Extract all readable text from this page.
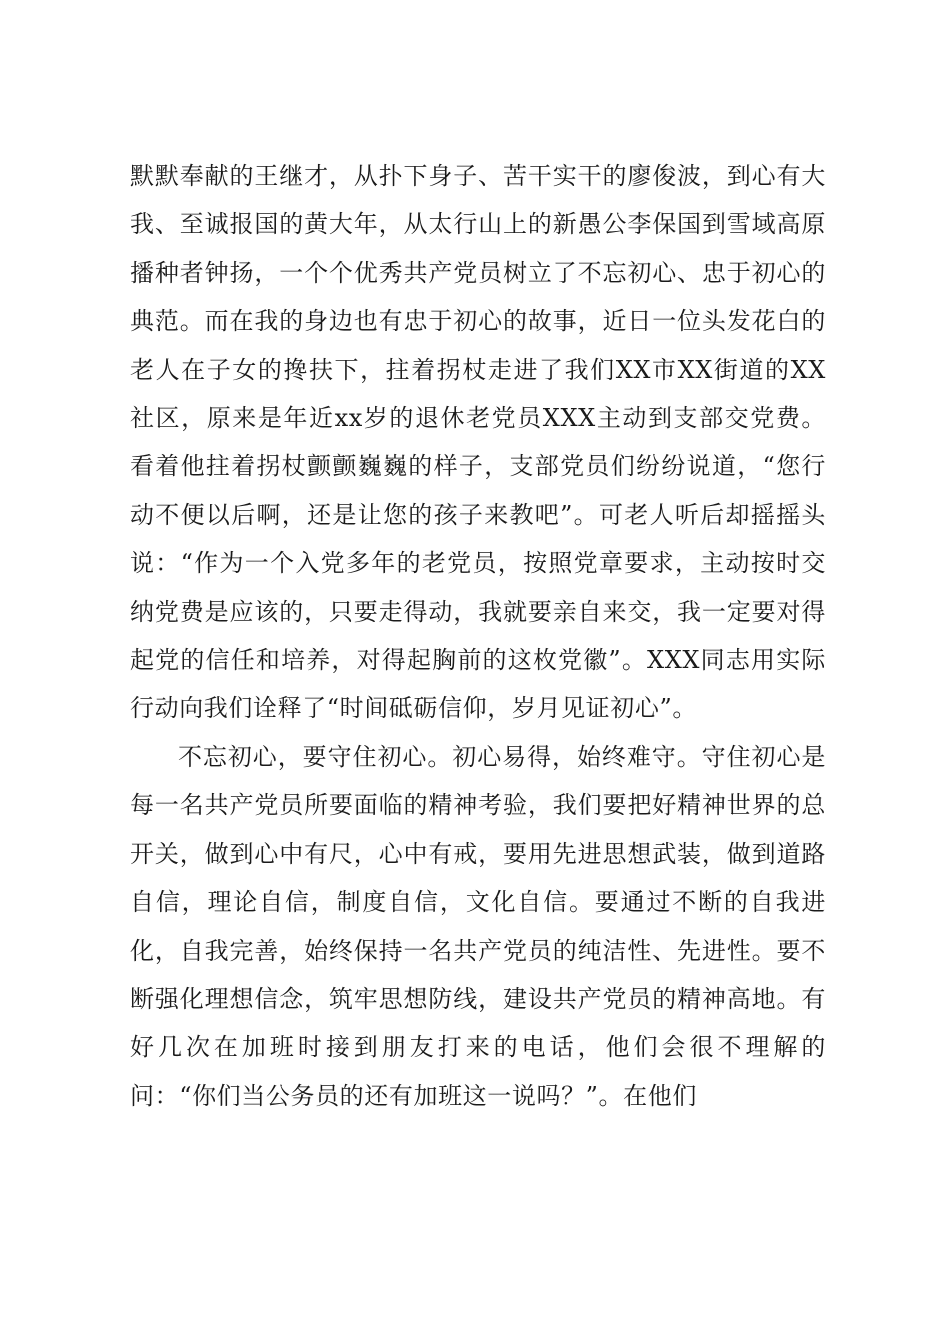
默默奉献的王继才，从扑下身子、苦干实干的廖俊波，到心有大我、至诚报国的黄大年，从太行山上的新愚公李保国到雪域高原播种者钟扬，一个个优秀共产党员树立了不忘初心、忠于初心的典范。而在我的身边也有忠于初心的故事，近日一位头发花白的老人在子女的搀扶下，拄着拐杖走进了我们XX市XX街道的XX社区，原来是年近xx岁的退休老党员XXX主动到支部交党费。看着他拄着拐杖颤颤巍巍的样子，支部党员们纷纷说道，“您行动不便以后啊，还是让您的孩子来教吧”。可老人听后却摇摇头说：“作为一个入党多年的老党员，按照党章要求，主动按时交纳党费是应该的，只要走得动，我就要亲自来交，我一定要对得起党的信任和培养，对得起胸前的这枚党徽”。XXX同志用实际行动向我们诠释了“时间砥砺信仰，岁月见证初心”。

不忘初心，要守住初心。初心易得，始终难守。守住初心是每一名共产党员所要面临的精神考验，我们要把好精神世界的总开关，做到心中有尺，心中有戒，要用先进思想武装，做到道路自信，理论自信，制度自信，文化自信。要通过不断的自我进化，自我完善，始终保持一名共产党员的纯洁性、先进性。要不断强化理想信念，筑牢思想防线，建设共产党员的精神高地。有好几次在加班时接到朋友打来的电话，他们会很不理解的问：“你们当公务员的还有加班这一说吗？”。在他们
